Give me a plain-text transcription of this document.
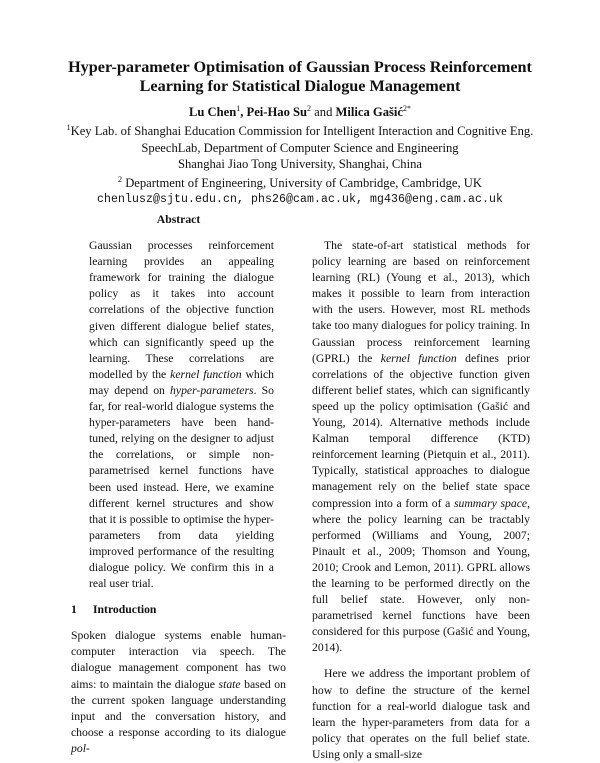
Hyper-parameter Optimisation of Gaussian Process Reinforcement
Learning for Statistical Dialogue Management
Lu Chen$^1$, Pei-Hao Su$^2$ and Milica Gašić$^{2*}$
$^1$Key Lab. of Shanghai Education Commission for Intelligent Interaction and Cognitive Eng.
SpeechLab, Department of Computer Science and Engineering
Shanghai Jiao Tong University, Shanghai, China
$^2$ Department of Engineering, University of Cambridge, Cambridge, UK
chenlusz@sjtu.edu.cn, phs26@cam.ac.uk, mg436@eng.cam.ac.uk
Abstract
Gaussian processes reinforcement learning provides an appealing framework for training the dialogue policy as it takes into account correlations of the objective function given different dialogue belief states, which can significantly speed up the learning. These correlations are modelled by the kernel function which may depend on hyper-parameters. So far, for real-world dialogue systems the hyper-parameters have been hand-tuned, relying on the designer to adjust the correlations, or simple non-parametrised kernel functions have been used instead. Here, we examine different kernel structures and show that it is possible to optimise the hyper-parameters from data yielding improved performance of the resulting dialogue policy. We confirm this in a real user trial.
1 Introduction

Spoken dialogue systems enable human-computer interaction via speech. The dialogue management component has two aims: to maintain the dialogue state based on the current spoken language understanding input and the conversation history, and choose a response according to its dialogue pol-

The state-of-art statistical methods for policy learning are based on reinforcement learning (RL) (Young et al., 2013), which makes it possible to learn from interaction with the users. However, most RL methods take too many dialogues for policy training. In Gaussian process reinforcement learning (GPRL) the kernel function defines prior correlations of the objective function given different belief states, which can significantly speed up the policy optimisation (Gašić and Young, 2014). Alternative methods include Kalman temporal difference (KTD) reinforcement learning (Pietquin et al., 2011). Typically, statistical approaches to dialogue management rely on the belief state space compression into a form of a summary space, where the policy learning can be tractably performed (Williams and Young, 2007; Pinault et al., 2009; Thomson and Young, 2010; Crook and Lemon, 2011). GPRL allows the learning to be performed directly on the full belief state. However, only non-parametrised kernel functions have been considered for this purpose (Gašić and Young, 2014).

Here we address the important problem of how to define the structure of the kernel function for a real-world dialogue task and learn the hyper-parameters from data for a policy that operates on the full belief state. Using only a small-size
